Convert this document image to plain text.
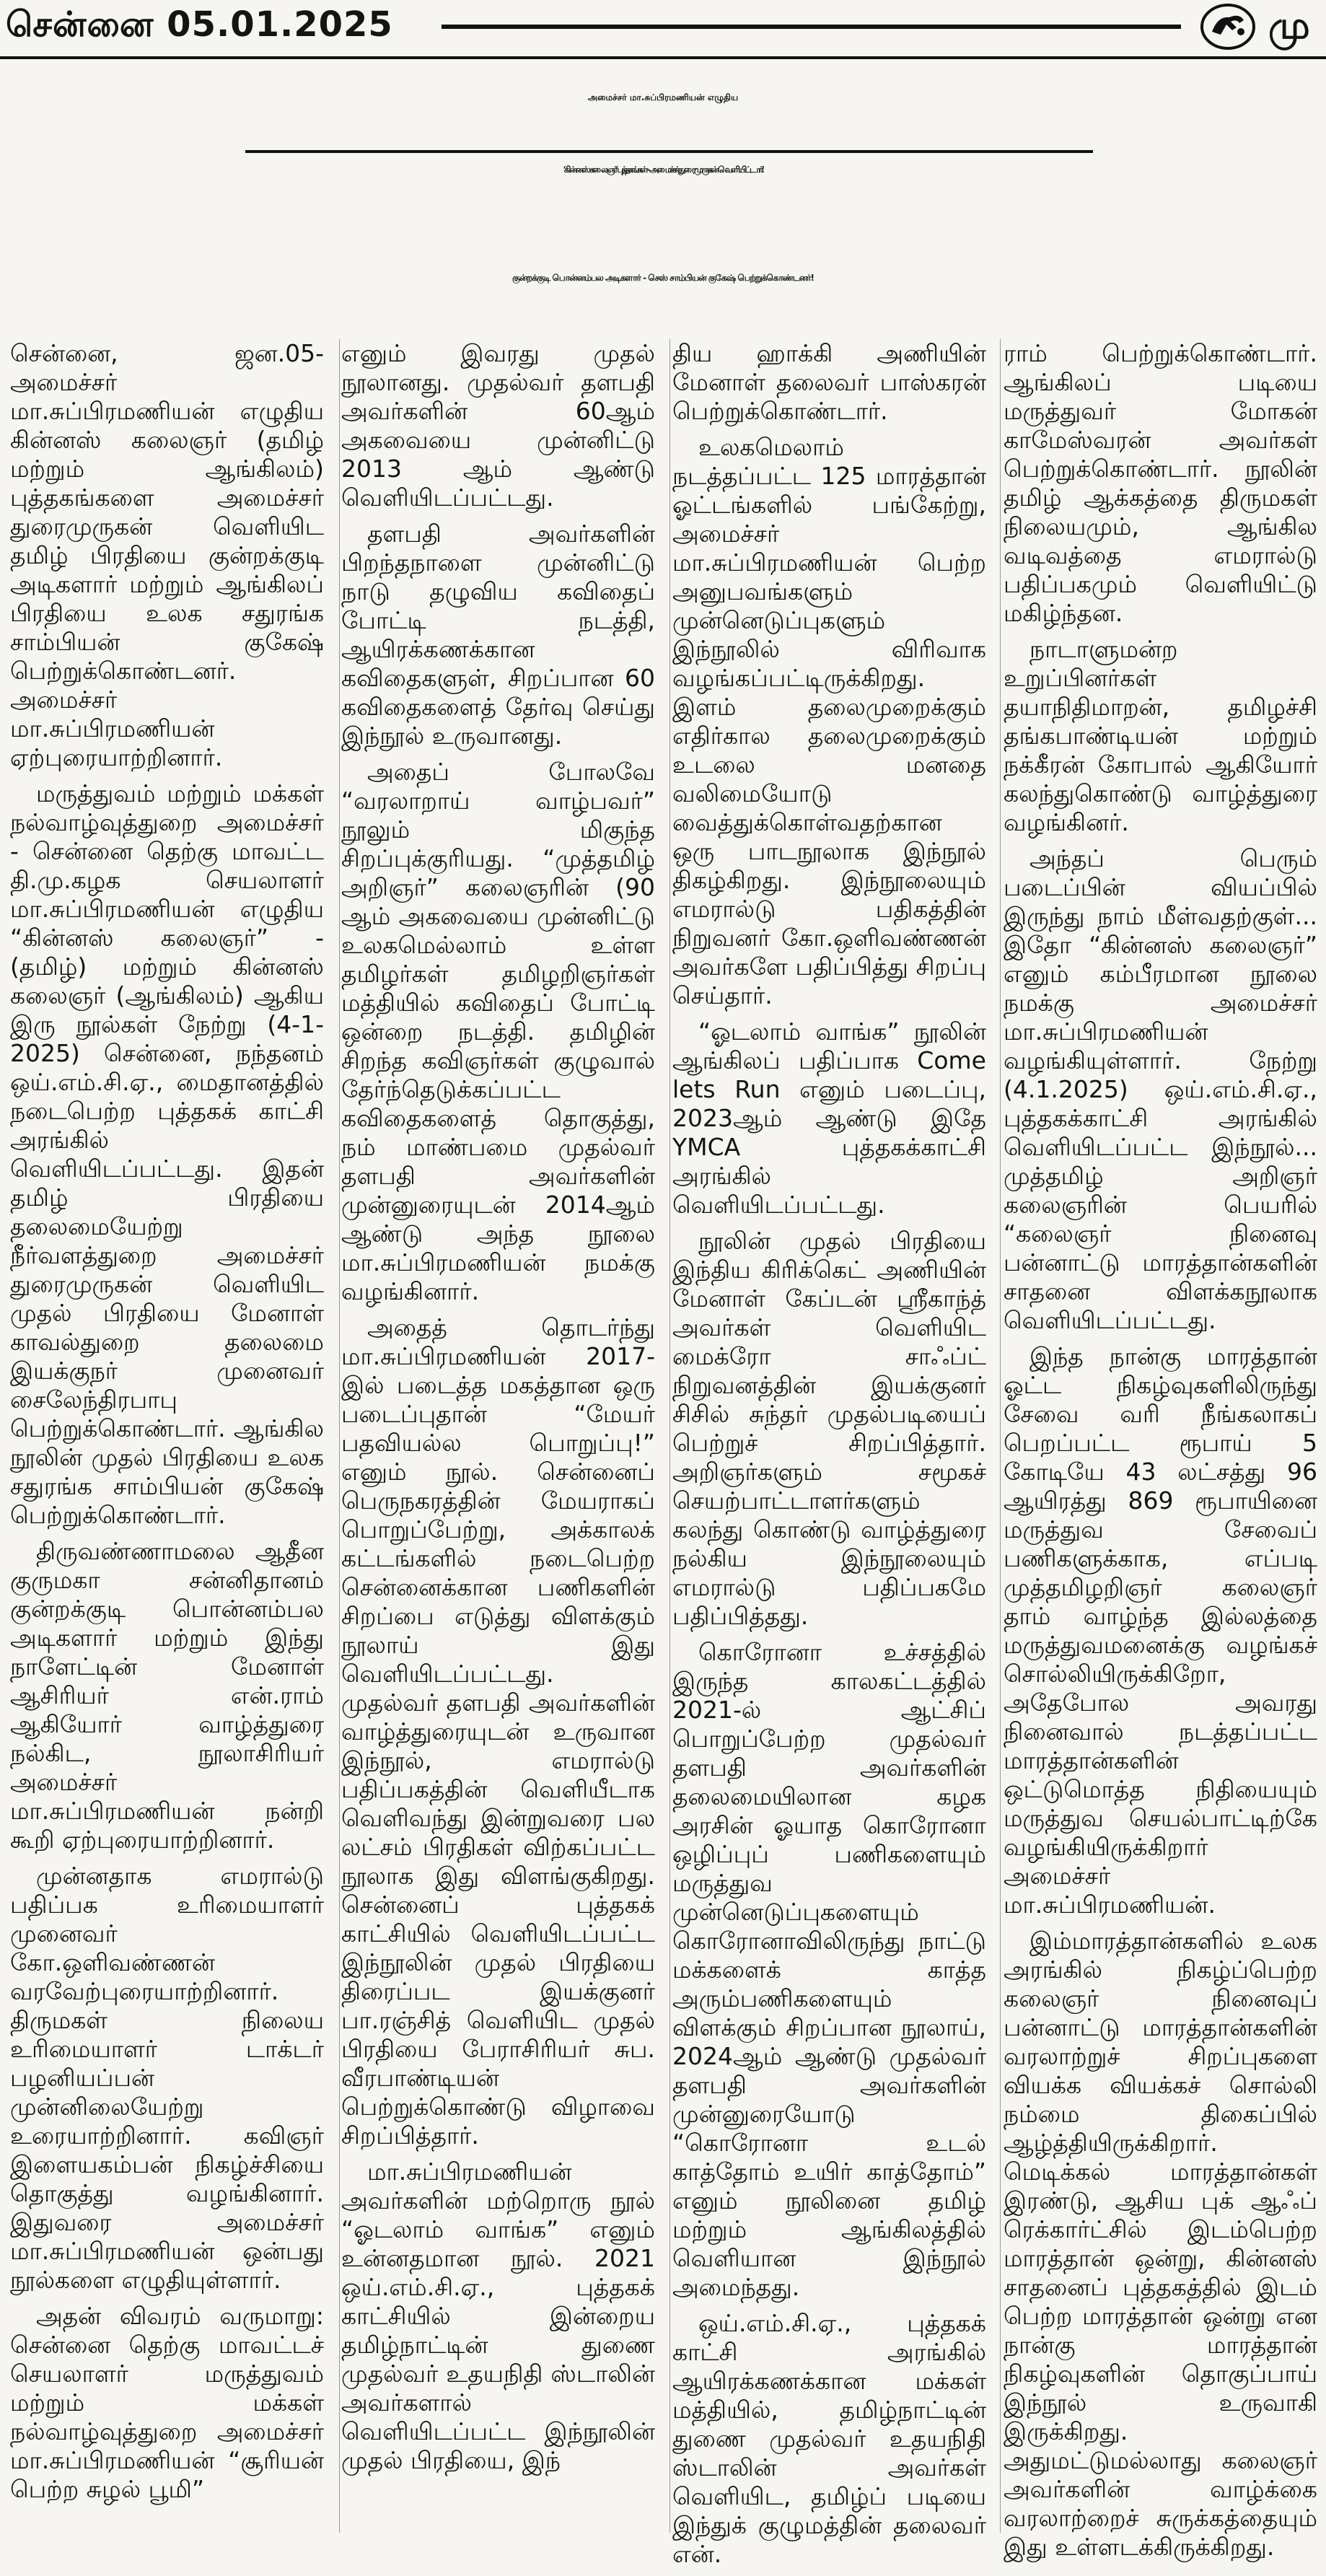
சென்னை 05.01.2025	மு
அமைச்சர் மா.சுப்பிரமணியன் எழுதிய
‘கின்னஸ் கலைஞர்’ புத்தகங்கள் - அமைச்சர் துரைமுருகன் வெளியிட்டார்!
குன்றக்குடி பொன்னம்பல அடிகளார் - செஸ் சாம்பியன் குகேஷ் பெற்றுக்கொண்டனர்!

சென்னை, ஜன.05- அமைச்சர் மா.சுப்பிரமணியன் எழுதிய கின்னஸ் கலைஞர் (தமிழ் மற்றும் ஆங்கிலம்) புத்தகங்களை அமைச்சர் துரைமுருகன் வெளியிட தமிழ் பிரதியை குன்றக்குடி அடிகளார் மற்றும் ஆங்கிலப் பிரதியை உலக சதுரங்க சாம்பியன் குகேஷ் பெற்றுக்கொண்டனர். அமைச்சர் மா.சுப்பிரமணியன் ஏற்புரையாற்றினார்.

மருத்துவம் மற்றும் மக்கள் நல்வாழ்வுத்துறை அமைச்சர் - சென்னை தெற்கு மாவட்ட தி.மு.கழக செயலாளர் மா.சுப்பிரமணியன் எழுதிய “கின்னஸ் கலைஞர்” - (தமிழ்) மற்றும் கின்னஸ் கலைஞர் (ஆங்கிலம்) ஆகிய இரு நூல்கள் நேற்று (4-1-2025) சென்னை, நந்தனம் ஒய்.எம்.சி.ஏ., மைதானத்தில் நடைபெற்ற புத்தகக் காட்சி அரங்கில் வெளியிடப்பட்டது. இதன் தமிழ் பிரதியை தலைமையேற்று நீர்வளத்துறை அமைச்சர் துரைமுருகன் வெளியிட முதல் பிரதியை மேனாள் காவல்துறை தலைமை இயக்குநர் முனைவர் சைலேந்திரபாபு பெற்றுக்கொண்டார். ஆங்கில நூலின் முதல் பிரதியை உலக சதுரங்க சாம்பியன் குகேஷ் பெற்றுக்கொண்டார்.

திருவண்ணாமலை ஆதீன குருமகா சன்னிதானம் குன்றக்குடி பொன்னம்பல அடிகளார் மற்றும் இந்து நாளேட்டின் மேனாள் ஆசிரியர் என்.ராம் ஆகியோர் வாழ்த்துரை நல்கிட, நூலாசிரியர் அமைச்சர் மா.சுப்பிரமணியன் நன்றி கூறி ஏற்புரையாற்றினார்.

முன்னதாக எமரால்டு பதிப்பக உரிமையாளர் முனைவர் கோ.ஒளிவண்ணன் வரவேற்புரையாற்றினார். திருமகள் நிலைய உரிமையாளர் டாக்டர் பழனியப்பன் முன்னிலையேற்று உரையாற்றினார். கவிஞர் இளையகம்பன் நிகழ்ச்சியை தொகுத்து வழங்கினார். இதுவரை அமைச்சர் மா.சுப்பிரமணியன் ஒன்பது நூல்களை எழுதியுள்ளார்.

அதன் விவரம் வருமாறு: சென்னை தெற்கு மாவட்டச் செயலாளர் மருத்துவம் மற்றும் மக்கள் நல்வாழ்வுத்துறை அமைச்சர் மா.சுப்பிரமணியன் “சூரியன் பெற்ற சுழல் பூமி”

எனும் இவரது முதல் நூலானது. முதல்வர் தளபதி அவர்களின் 60ஆம் அகவையை முன்னிட்டு 2013 ஆம் ஆண்டு வெளியிடப்பட்டது.

தளபதி அவர்களின் பிறந்தநாளை முன்னிட்டு நாடு தழுவிய கவிதைப் போட்டி நடத்தி, ஆயிரக்கணக்கான கவிதைகளுள், சிறப்பான 60 கவிதைகளைத் தேர்வு செய்து இந்நூல் உருவானது.

அதைப் போலவே “வரலாறாய் வாழ்பவர்” நூலும் மிகுந்த சிறப்புக்குரியது. “முத்தமிழ் அறிஞர்” கலைஞரின் (90 ஆம் அகவையை முன்னிட்டு உலகமெல்லாம் உள்ள தமிழர்கள் தமிழறிஞர்கள் மத்தியில் கவிதைப் போட்டி ஒன்றை நடத்தி. தமிழின் சிறந்த கவிஞர்கள் குழுவால் தேர்ந்தெடுக்கப்பட்ட கவிதைகளைத் தொகுத்து, நம் மாண்பமை முதல்வர் தளபதி அவர்களின் முன்னுரையுடன் 2014ஆம் ஆண்டு அந்த நூலை மா.சுப்பிரமணியன் நமக்கு வழங்கினார்.

அதைத் தொடர்ந்து மா.சுப்பிரமணியன் 2017-இல் படைத்த மகத்தான ஒரு படைப்புதான் “மேயர் பதவியல்ல பொறுப்பு!” எனும் நூல். சென்னைப் பெருநகரத்தின் மேயராகப் பொறுப்பேற்று, அக்காலக் கட்டங்களில் நடைபெற்ற சென்னைக்கான பணிகளின் சிறப்பை எடுத்து விளக்கும் நூலாய் இது வெளியிடப்பட்டது. முதல்வர் தளபதி அவர்களின் வாழ்த்துரையுடன் உருவான இந்நூல், எமரால்டு பதிப்பகத்தின் வெளியீடாக வெளிவந்து இன்றுவரை பல லட்சம் பிரதிகள் விற்கப்பட்ட நூலாக இது விளங்குகிறது. சென்னைப் புத்தகக் காட்சியில் வெளியிடப்பட்ட இந்நூலின் முதல் பிரதியை திரைப்பட இயக்குனர் பா.ரஞ்சித் வெளியிட முதல் பிரதியை பேராசிரியர் சுப. வீரபாண்டியன் பெற்றுக்கொண்டு விழாவை சிறப்பித்தார்.

மா.சுப்பிரமணியன் அவர்களின் மற்றொரு நூல் “ஓடலாம் வாங்க” எனும் உன்னதமான நூல். 2021 ஒய்.எம்.சி.ஏ., புத்தகக் காட்சியில் இன்றைய தமிழ்நாட்டின் துணை முதல்வர் உதயநிதி ஸ்டாலின் அவர்களால் வெளியிடப்பட்ட இந்நூலின் முதல் பிரதியை, இந்

திய ஹாக்கி அணியின் மேனாள் தலைவர் பாஸ்கரன் பெற்றுக்கொண்டார்.

உலகமெலாம் நடத்தப்பட்ட 125 மாரத்தான் ஓட்டங்களில் பங்கேற்று, அமைச்சர் மா.சுப்பிரமணியன் பெற்ற அனுபவங்களும் முன்னெடுப்புகளும் இந்நூலில் விரிவாக வழங்கப்பட்டிருக்கிறது. இளம் தலைமுறைக்கும் எதிர்கால தலைமுறைக்கும் உடலை மனதை வலிமையோடு வைத்துக்கொள்வதற்கான ஒரு பாடநூலாக இந்நூல் திகழ்கிறது. இந்நூலையும் எமரால்டு பதிகத்தின் நிறுவனர் கோ.ஒளிவண்ணன் அவர்களே பதிப்பித்து சிறப்பு செய்தார்.

“ஓடலாம் வாங்க” நூலின் ஆங்கிலப் பதிப்பாக Come lets Run எனும் படைப்பு, 2023ஆம் ஆண்டு இதே YMCA புத்தகக்காட்சி அரங்கில் வெளியிடப்பட்டது.

நூலின் முதல் பிரதியை இந்திய கிரிக்கெட் அணியின் மேனாள் கேப்டன் ஸ்ரீகாந்த் அவர்கள் வெளியிட மைக்ரோ சாஃப்ட் நிறுவனத்தின் இயக்குனர் சிசில் சுந்தர் முதல்படியைப் பெற்றுச் சிறப்பித்தார். அறிஞர்களும் சமூகச் செயற்பாட்டாளர்களும் கலந்து கொண்டு வாழ்த்துரை நல்கிய இந்நூலையும் எமரால்டு பதிப்பகமே பதிப்பித்தது.

கொரோனா உச்சத்தில் இருந்த காலகட்டத்தில் 2021-ல் ஆட்சிப் பொறுப்பேற்ற முதல்வர் தளபதி அவர்களின் தலைமையிலான கழக அரசின் ஓயாத கொரோனா ஒழிப்புப் பணிகளையும் மருத்துவ முன்னெடுப்புகளையும் கொரோனாவிலிருந்து நாட்டு மக்களைக் காத்த அரும்பணிகளையும் விளக்கும் சிறப்பான நூலாய், 2024ஆம் ஆண்டு முதல்வர் தளபதி அவர்களின் முன்னுரையோடு “கொரோனா உடல் காத்தோம் உயிர் காத்தோம்” எனும் நூலினை தமிழ் மற்றும் ஆங்கிலத்தில் வெளியான இந்நூல் அமைந்தது.

ஒய்.எம்.சி.ஏ., புத்தகக் காட்சி அரங்கில் ஆயிரக்கணக்கான மக்கள் மத்தியில், தமிழ்நாட்டின் துணை முதல்வர் உதயநிதி ஸ்டாலின் அவர்கள் வெளியிட, தமிழ்ப் படியை இந்துக் குழுமத்தின் தலைவர் என்.

ராம் பெற்றுக்கொண்டார். ஆங்கிலப் படியை மருத்துவர் மோகன் காமேஸ்வரன் அவர்கள் பெற்றுக்கொண்டார். நூலின் தமிழ் ஆக்கத்தை திருமகள் நிலையமும், ஆங்கில வடிவத்தை எமரால்டு பதிப்பகமும் வெளியிட்டு மகிழ்ந்தன.

நாடாளுமன்ற உறுப்பினர்கள் தயாநிதிமாறன், தமிழச்சி தங்கபாண்டியன் மற்றும் நக்கீரன் கோபால் ஆகியோர் கலந்துகொண்டு வாழ்த்துரை வழங்கினர்.

அந்தப் பெரும் படைப்பின் வியப்பில் இருந்து நாம் மீள்வதற்குள்... இதோ “கின்னஸ் கலைஞர்” எனும் கம்பீரமான நூலை நமக்கு அமைச்சர் மா.சுப்பிரமணியன் வழங்கியுள்ளார். நேற்று (4.1.2025) ஒய்.எம்.சி.ஏ., புத்தகக்காட்சி அரங்கில் வெளியிடப்பட்ட இந்நூல்... முத்தமிழ் அறிஞர் கலைஞரின் பெயரில் “கலைஞர் நினைவு பன்னாட்டு மாரத்தான்களின் சாதனை விளக்கநூலாக வெளியிடப்பட்டது.

இந்த நான்கு மாரத்தான் ஓட்ட நிகழ்வுகளிலிருந்து சேவை வரி நீங்கலாகப் பெறப்பட்ட ரூபாய் 5 கோடியே 43 லட்சத்து 96 ஆயிரத்து 869 ரூபாயினை மருத்துவ சேவைப் பணிகளுக்காக, எப்படி முத்தமிழறிஞர் கலைஞர் தாம் வாழ்ந்த இல்லத்தை மருத்துவமனைக்கு வழங்கச் சொல்லியிருக்கிறோ, அதேபோல அவரது நினைவால் நடத்தப்பட்ட மாரத்தான்களின் ஒட்டுமொத்த நிதியையும் மருத்துவ செயல்பாட்டிற்கே வழங்கியிருக்கிறார் அமைச்சர் மா.சுப்பிரமணியன்.

இம்மாரத்தான்களில் உலக அரங்கில் நிகழ்ப்பெற்ற கலைஞர் நினைவுப் பன்னாட்டு மாரத்தான்களின் வரலாற்றுச் சிறப்புகளை வியக்க வியக்கச் சொல்லி நம்மை திகைப்பில் ஆழ்த்தியிருக்கிறார். மெடிக்கல் மாரத்தான்கள் இரண்டு, ஆசிய புக் ஆஃப் ரெக்கார்ட்சில் இடம்பெற்ற மாரத்தான் ஒன்று, கின்னஸ் சாதனைப் புத்தகத்தில் இடம் பெற்ற மாரத்தான் ஒன்று என நான்கு மாரத்தான் நிகழ்வுகளின் தொகுப்பாய் இந்நூல் உருவாகி இருக்கிறது. அதுமட்டுமல்லாது கலைஞர் அவர்களின் வாழ்க்கை வரலாற்றைச் சுருக்கத்தையும் இது உள்ளடக்கிருக்கிறது.
